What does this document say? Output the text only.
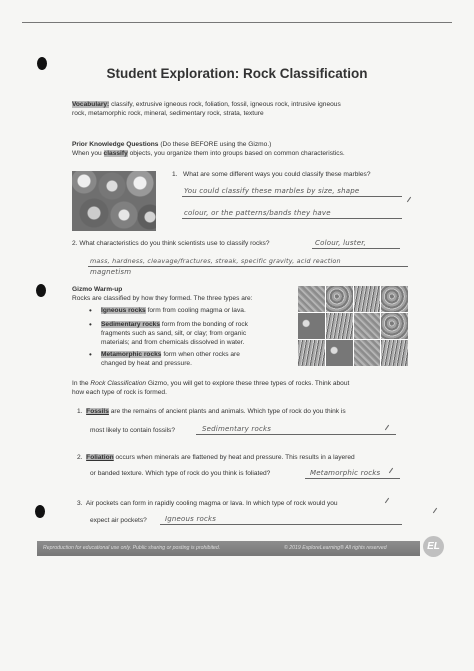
Student Exploration: Rock Classification
Vocabulary: classify, extrusive igneous rock, foliation, fossil, igneous rock, intrusive igneous
rock, metamorphic rock, mineral, sedimentary rock, strata, texture
Prior Knowledge Questions (Do these BEFORE using the Gizmo.)
When you classify objects, you organize them into groups based on common characteristics.
1. What are some different ways you could classify these marbles?
You could classify these marbles by size, shape
colour, or the patterns/bands they have
2. What characteristics do you think scientists use to classify rocks?	Colour, luster,
mass, hardness, cleavage/fractures, streak, specific gravity, acid reaction
magnetism
Gizmo Warm-up
Rocks are classified by how they formed. The three types are:
• Igneous rocks form from cooling magma or lava.
• Sedimentary rocks form from the bonding of rock
fragments such as sand, silt, or clay; from organic
materials; and from chemicals dissolved in water.
• Metamorphic rocks form when other rocks are
changed by heat and pressure.
In the Rock Classification Gizmo, you will get to explore these three types of rocks. Think about
how each type of rock is formed.
1. Fossils are the remains of ancient plants and animals. Which type of rock do you think is
most likely to contain fossils?	Sedimentary rocks
2. Foliation occurs when minerals are flattened by heat and pressure. This results in a layered
or banded texture. Which type of rock do you think is foliated?	Metamorphic rocks
3. Air pockets can form in rapidly cooling magma or lava. In which type of rock would you
expect air pockets?	Igneous rocks
Reproduction for educational use only. Public sharing or posting is prohibited.	© 2019 ExploreLearning® All rights reserved	EL
